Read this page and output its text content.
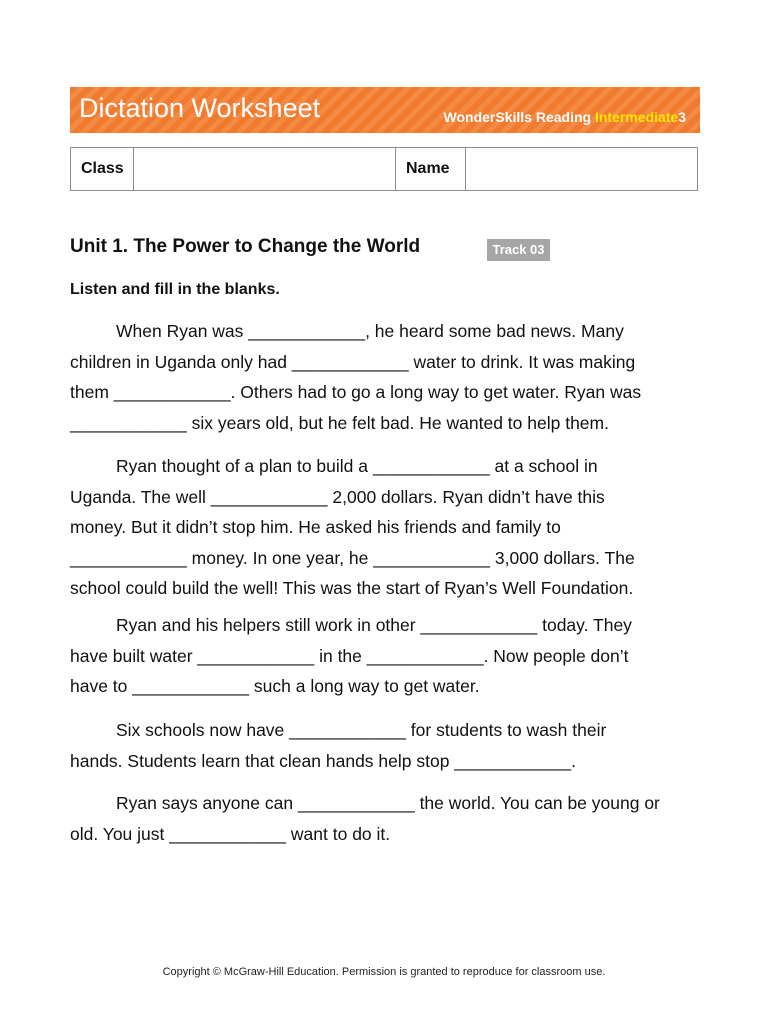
Dictation Worksheet	WonderSkills Reading Intermediate3
Class		Name	
Unit 1. The Power to Change the World	Track 03
Listen and fill in the blanks.

When Ryan was ____________, he heard some bad news. Many
children in Uganda only had ____________ water to drink. It was making
them ____________. Others had to go a long way to get water. Ryan was
____________ six years old, but he felt bad. He wanted to help them.

Ryan thought of a plan to build a ____________ at a school in
Uganda. The well ____________ 2,000 dollars. Ryan didn’t have this
money. But it didn’t stop him. He asked his friends and family to
____________ money. In one year, he ____________ 3,000 dollars. The
school could build the well! This was the start of Ryan’s Well Foundation.

Ryan and his helpers still work in other ____________ today. They
have built water ____________ in the ____________. Now people don’t
have to ____________ such a long way to get water.

Six schools now have ____________ for students to wash their
hands. Students learn that clean hands help stop ____________.

Ryan says anyone can ____________ the world. You can be young or
old. You just ____________ want to do it.

Copyright © McGraw-Hill Education. Permission is granted to reproduce for classroom use.
